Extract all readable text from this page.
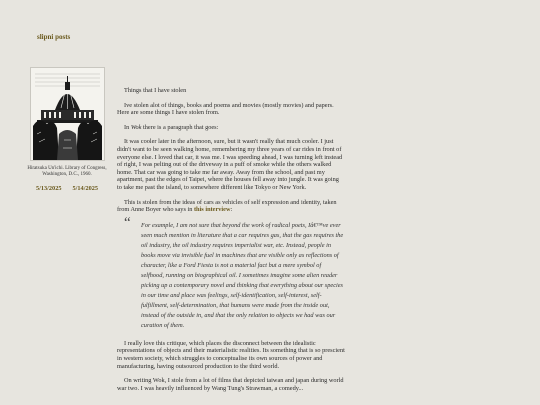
slipni posts
Hiratsuka Un'ichi. Library of Congress, Washington, D.C., 1960.
5/13/2025 5/14/2025

Things that I have stolen

Ive stolen alot of things, books and poems and movies (mostly movies) and papers. Here are some things I have stolen from.

In Wok there is a paragraph that goes:

It was cooler later in the afternoon, sure, but it wasn't really that much cooler. I just didn't want to be seen walking home, remembering my three years of car rides in front of everyone else. I loved that car, it was me. I was speeding ahead, I was turning left instead of right, I was pelting out of the driveway in a puff of smoke while the others walked home. That car was going to take me far away. Away from the school, and past my apartment, past the edges of Taipei, where the houses fell away into jungle. It was going to take me past the island, to somewhere different like Tokyo or New York.

This is stolen from the ideas of cars as vehicles of self expression and identity, taken from Anne Boyer who says in this interview:

“ For example, I am not sure that beyond the work of radical poets, Iâ€™ve ever seen much mention in literature that a car requires gas, that the gas requires the oil industry, the oil industry requires imperialist war, etc. Instead, people in books move via invisible fuel in machines that are visible only as reflections of character, like a Ford Fiesta is not a material fact but a mere symbol of selfhood, running on biographical oil. I sometimes imagine some alien reader picking up a contemporary novel and thinking that everything about our species in our time and place was feelings, self-identification, self-interest, self-fulfillment, self-determination, that humans were made from the inside out, instead of the outside in, and that the only relation to objects we had was our curation of them.

I really love this critique, which places the disconnect between the idealistic representations of objects and their materialistic realities. Its something that is so prescient in western society, which struggles to conceptualise its own sources of power and manufacturing, having outsourced production to the third world.

On writing Wok, I stole from a lot of films that depicted taiwan and japan during world war two. I was heavily influenced by Wang Tung's Strawman, a comedy...
